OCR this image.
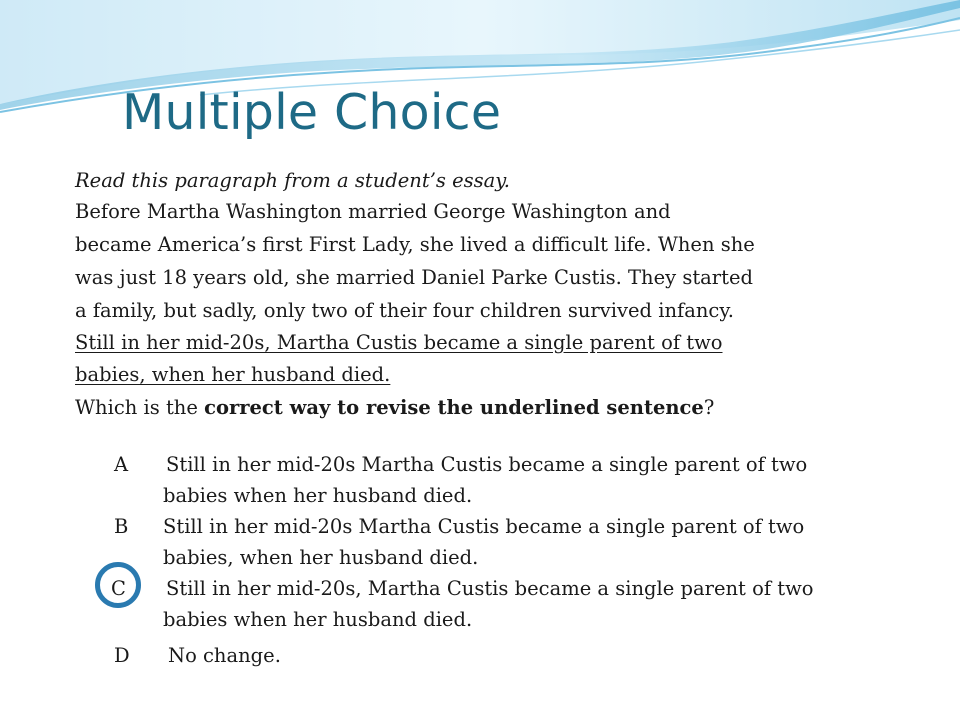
Multiple Choice
Read this paragraph from a student’s essay.
Before Martha Washington married George Washington and
became America’s first First Lady, she lived a difficult life. When she
was just 18 years old, she married Daniel Parke Custis. They started
a family, but sadly, only two of their four children survived infancy.
Still in her mid-20s, Martha Custis became a single parent of two
babies, when her husband died.
Which is the correct way to revise the underlined sentence?
A Still in her mid-20s Martha Custis became a single parent of two
babies when her husband died.
B Still in her mid-20s Martha Custis became a single parent of two
babies, when her husband died.
C Still in her mid-20s, Martha Custis became a single parent of two
babies when her husband died.
D No change.
